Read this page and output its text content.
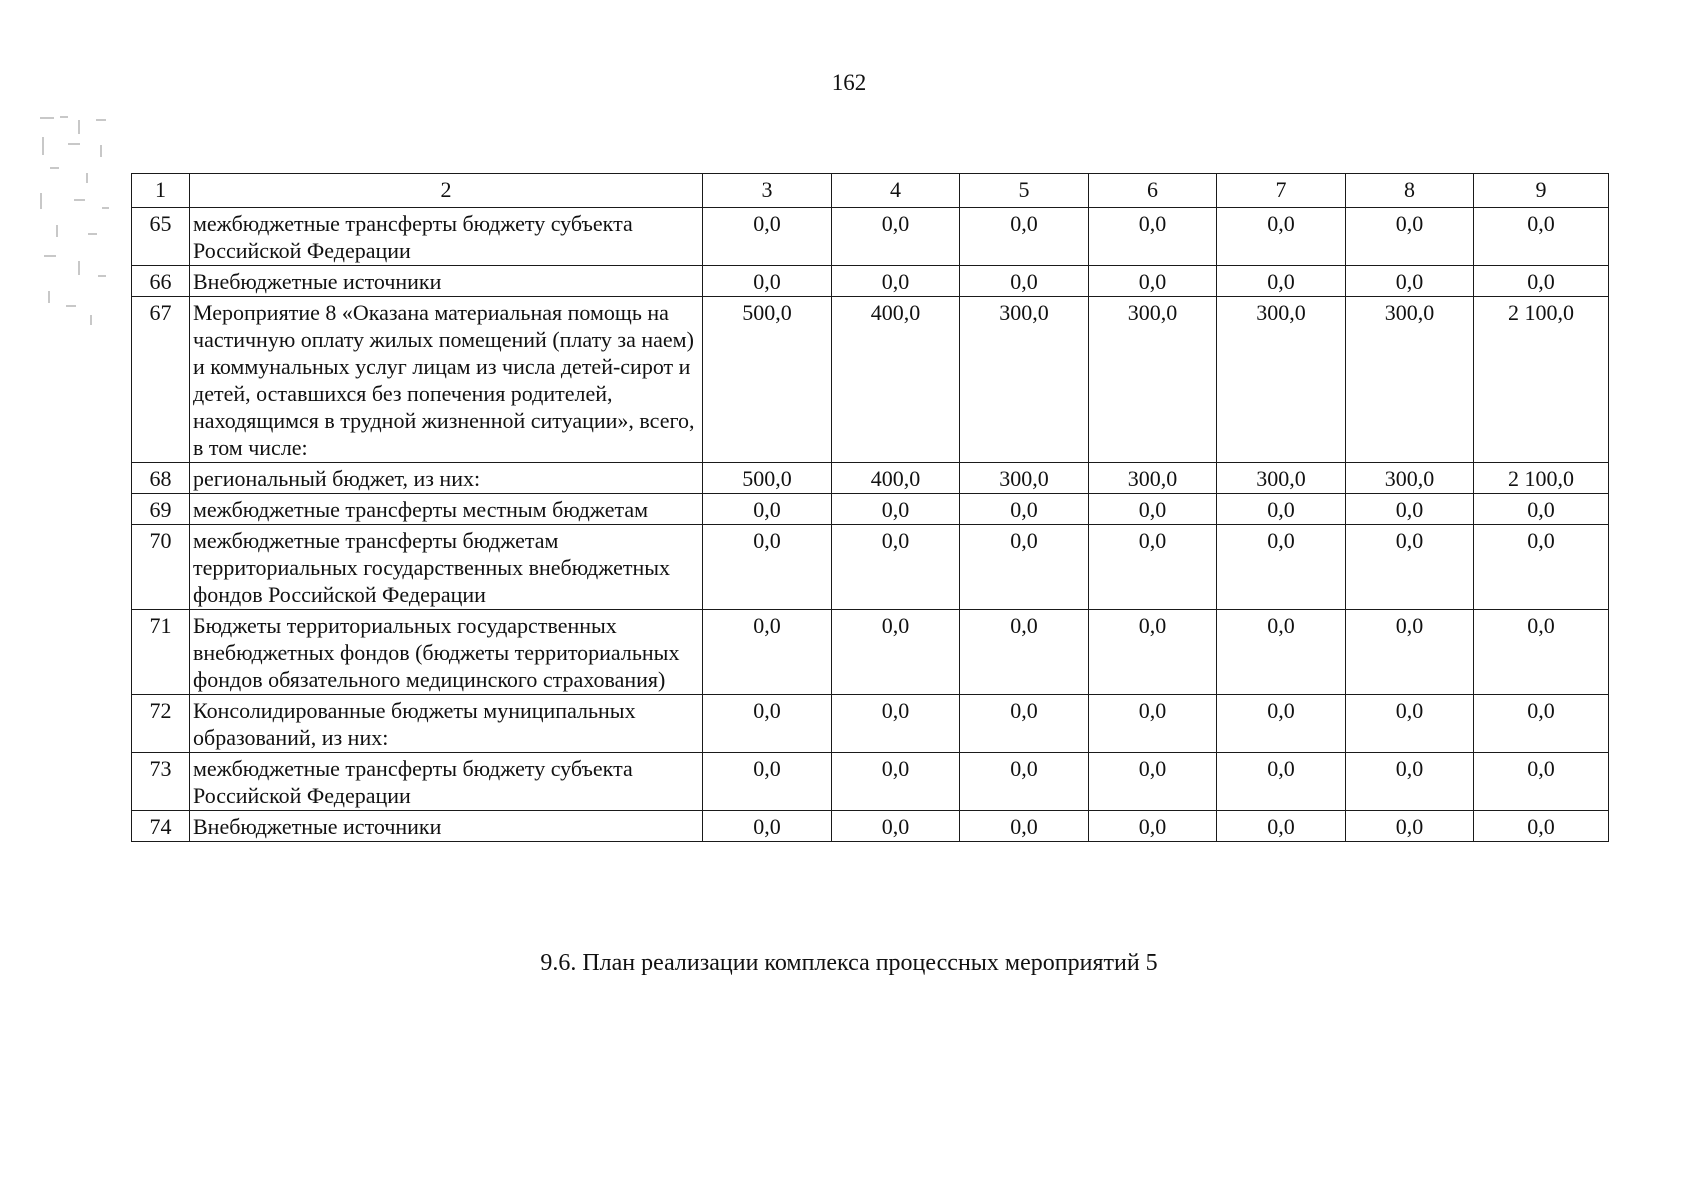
162
1	2	3	4	5	6	7	8	9
65	межбюджетные трансферты бюджету субъекта Российской Федерации	0,0	0,0	0,0	0,0	0,0	0,0	0,0
66	Внебюджетные источники	0,0	0,0	0,0	0,0	0,0	0,0	0,0
67	Мероприятие 8 «Оказана материальная помощь на частичную оплату жилых помещений (плату за наем) и коммунальных услуг лицам из числа детей-сирот и детей, оставшихся без попечения родителей, находящимся в трудной жизненной ситуации», всего, в том числе:	500,0	400,0	300,0	300,0	300,0	300,0	2 100,0
68	региональный бюджет, из них:	500,0	400,0	300,0	300,0	300,0	300,0	2 100,0
69	межбюджетные трансферты местным бюджетам	0,0	0,0	0,0	0,0	0,0	0,0	0,0
70	межбюджетные трансферты бюджетам территориальных государственных внебюджетных фондов Российской Федерации	0,0	0,0	0,0	0,0	0,0	0,0	0,0
71	Бюджеты территориальных государственных внебюджетных фондов (бюджеты территориальных фондов обязательного медицинского страхования)	0,0	0,0	0,0	0,0	0,0	0,0	0,0
72	Консолидированные бюджеты муниципальных образований, из них:	0,0	0,0	0,0	0,0	0,0	0,0	0,0
73	межбюджетные трансферты бюджету субъекта Российской Федерации	0,0	0,0	0,0	0,0	0,0	0,0	0,0
74	Внебюджетные источники	0,0	0,0	0,0	0,0	0,0	0,0	0,0
9.6. План реализации комплекса процессных мероприятий 5
